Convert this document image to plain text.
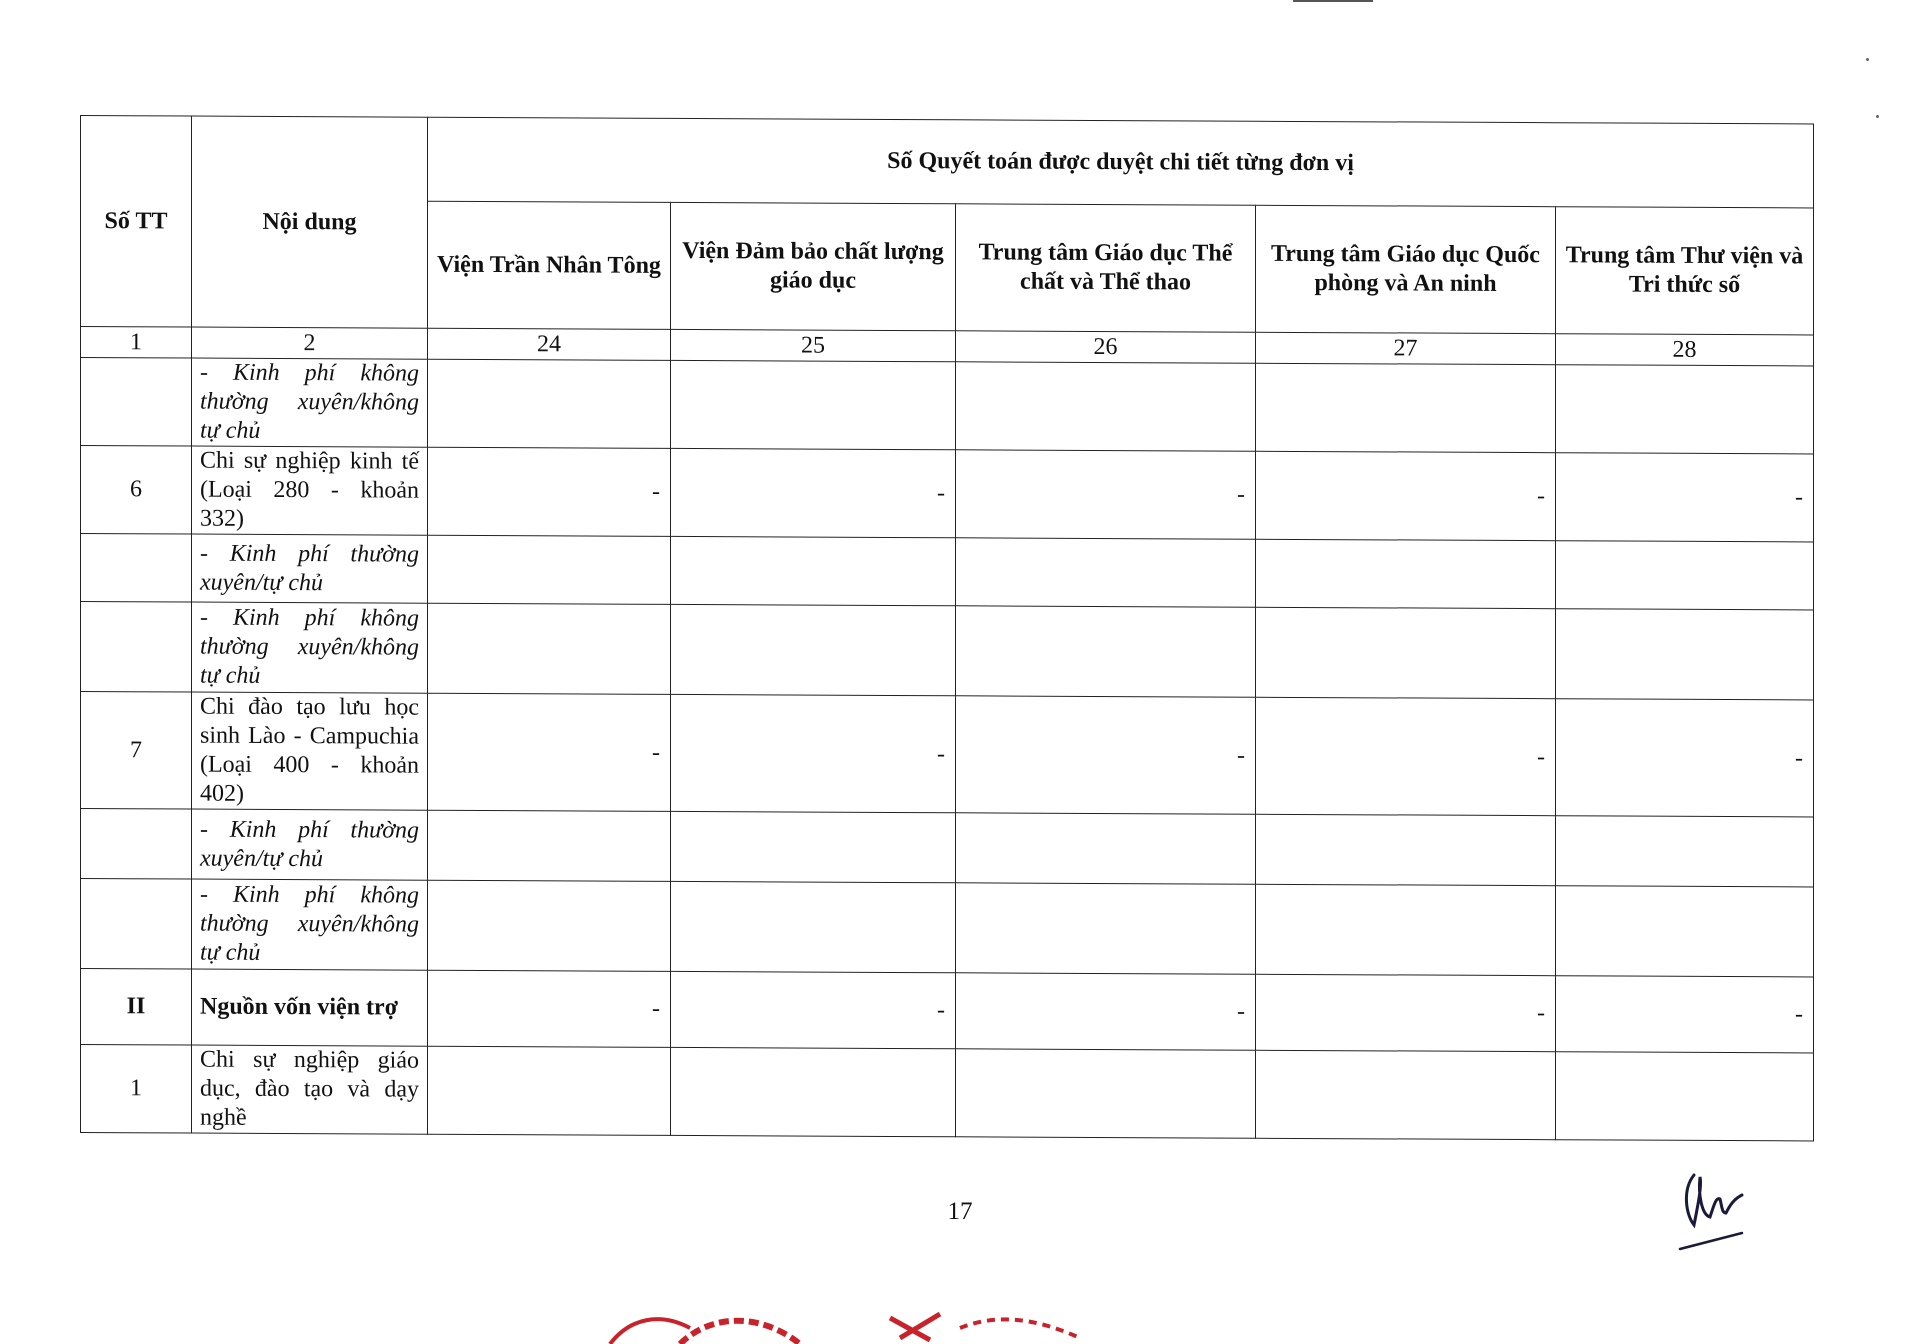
Số TT	Nội dung	Số Quyết toán được duyệt chi tiết từng đơn vị				
		Viện Trần Nhân Tông	Viện Đảm bảo chất lượng giáo dục	Trung tâm Giáo dục Thể chất và Thể thao	Trung tâm Giáo dục Quốc phòng và An ninh	Trung tâm Thư viện và Tri thức số
1	2	24	25	26	27	28
	- Kinh phí không thường xuyên/không tự chủ					
6	Chi sự nghiệp kinh tế (Loại 280 - khoản 332)	-	-	-	-	-
	- Kinh phí thường xuyên/tự chủ					
	- Kinh phí không thường xuyên/không tự chủ					
7	Chi đào tạo lưu học sinh Lào - Campuchia (Loại 400 - khoản 402)	-	-	-	-	-
	- Kinh phí thường xuyên/tự chủ					
	- Kinh phí không thường xuyên/không tự chủ					
II	Nguồn vốn viện trợ	-	-	-	-	-
1	Chi sự nghiệp giáo dục, đào tạo và dạy nghề					
17
